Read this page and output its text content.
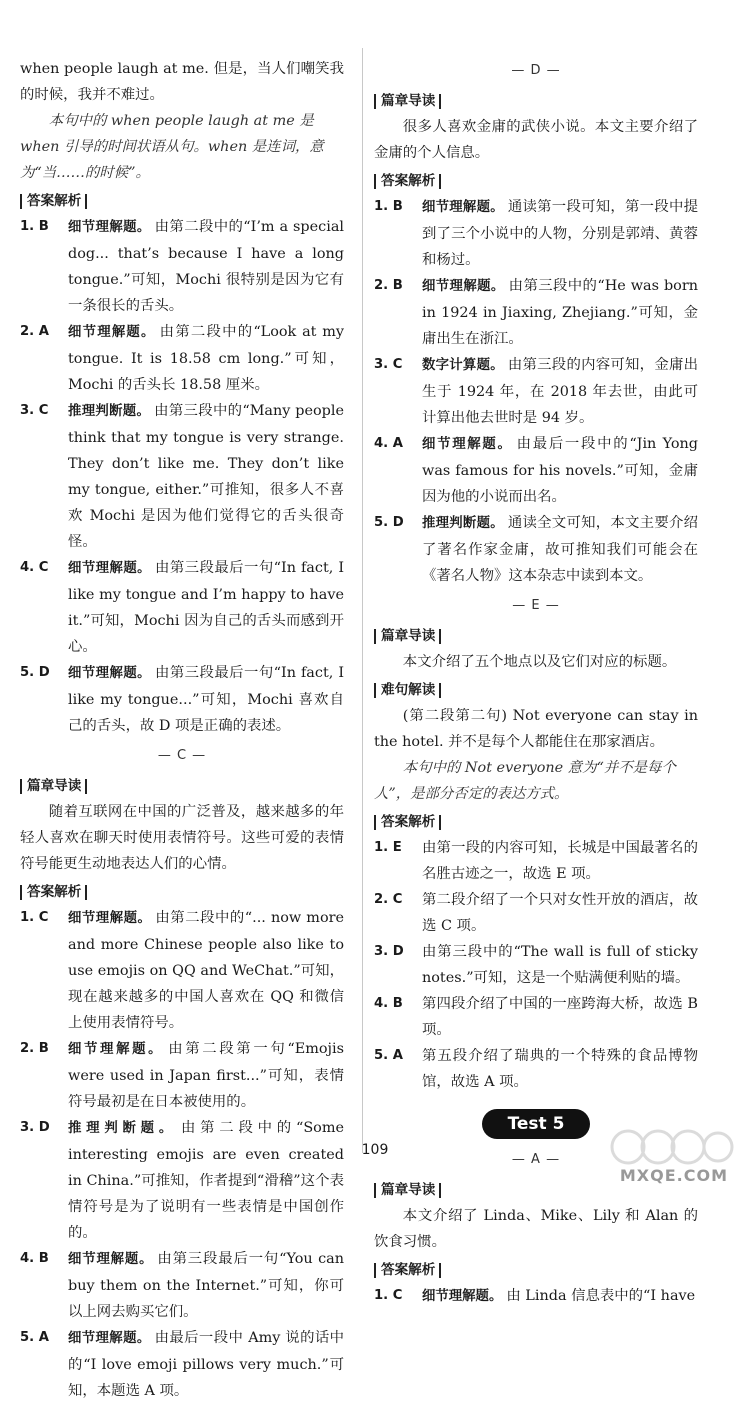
when people laugh at me. 但是，当人们嘲笑我的时候，我并不难过。

本句中的 when people laugh at me 是 when 引导的时间状语从句。when 是连词，意为“当……的时候”。

答案解析
1. B	细节理解题。 由第二段中的“I’m a special dog... that’s because I have a long tongue.”可知，Mochi 很特别是因为它有一条很长的舌头。
2. A	细节理解题。 由第二段中的“Look at my tongue. It is 18.58 cm long.”可知，Mochi 的舌头长 18.58 厘米。
3. C	推理判断题。 由第三段中的“Many people think that my tongue is very strange. They don’t like me. They don’t like my tongue, either.”可推知，很多人不喜欢 Mochi 是因为他们觉得它的舌头很奇怪。
4. C	细节理解题。 由第三段最后一句“In fact, I like my tongue and I’m happy to have it.”可知，Mochi 因为自己的舌头而感到开心。
5. D	细节理解题。 由第三段最后一句“In fact, I like my tongue...”可知，Mochi 喜欢自己的舌头，故 D 项是正确的表述。
— C —
篇章导读

随着互联网在中国的广泛普及，越来越多的年轻人喜欢在聊天时使用表情符号。这些可爱的表情符号能更生动地表达人们的心情。

答案解析
1. C	细节理解题。 由第二段中的“... now more and more Chinese people also like to use emojis on QQ and WeChat.”可知，现在越来越多的中国人喜欢在 QQ 和微信上使用表情符号。
2. B	细节理解题。 由第二段第一句“Emojis were used in Japan first...”可知，表情符号最初是在日本被使用的。
3. D	推理判断题。 由第二段中的“Some interesting emojis are even created in China.”可推知，作者提到“滑稽”这个表情符号是为了说明有一些表情是中国创作的。
4. B	细节理解题。 由第三段最后一句“You can buy them on the Internet.”可知，你可以上网去购买它们。
5. A	细节理解题。 由最后一段中 Amy 说的话中的“I love emoji pillows very much.”可知，本题选 A 项。
— D —
篇章导读

很多人喜欢金庸的武侠小说。本文主要介绍了金庸的个人信息。

答案解析
1. B	细节理解题。 通读第一段可知，第一段中提到了三个小说中的人物，分别是郭靖、黄蓉和杨过。
2. B	细节理解题。 由第三段中的“He was born in 1924 in Jiaxing, Zhejiang.”可知，金庸出生在浙江。
3. C	数字计算题。 由第三段的内容可知，金庸出生于 1924 年，在 2018 年去世，由此可计算出他去世时是 94 岁。
4. A	细节理解题。 由最后一段中的“Jin Yong was famous for his novels.”可知，金庸因为他的小说而出名。
5. D	推理判断题。 通读全文可知，本文主要介绍了著名作家金庸，故可推知我们可能会在《著名人物》这本杂志中读到本文。
— E —
篇章导读

本文介绍了五个地点以及它们对应的标题。

难句解读

(第二段第二句) Not everyone can stay in the hotel. 并不是每个人都能住在那家酒店。

本句中的 Not everyone 意为“并不是每个人”，是部分否定的表达方式。

答案解析
1. E	由第一段的内容可知，长城是中国最著名的名胜古迹之一，故选 E 项。
2. C	第二段介绍了一个只对女性开放的酒店，故选 C 项。
3. D	由第三段中的“The wall is full of sticky notes.”可知，这是一个贴满便利贴的墙。
4. B	第四段介绍了中国的一座跨海大桥，故选 B 项。
5. A	第五段介绍了瑞典的一个特殊的食品博物馆，故选 A 项。
Test 5
— A —
篇章导读

本文介绍了 Linda、Mike、Lily 和 Alan 的饮食习惯。

答案解析
1. C	细节理解题。 由 Linda 信息表中的“I have
109
MXQE.COM
